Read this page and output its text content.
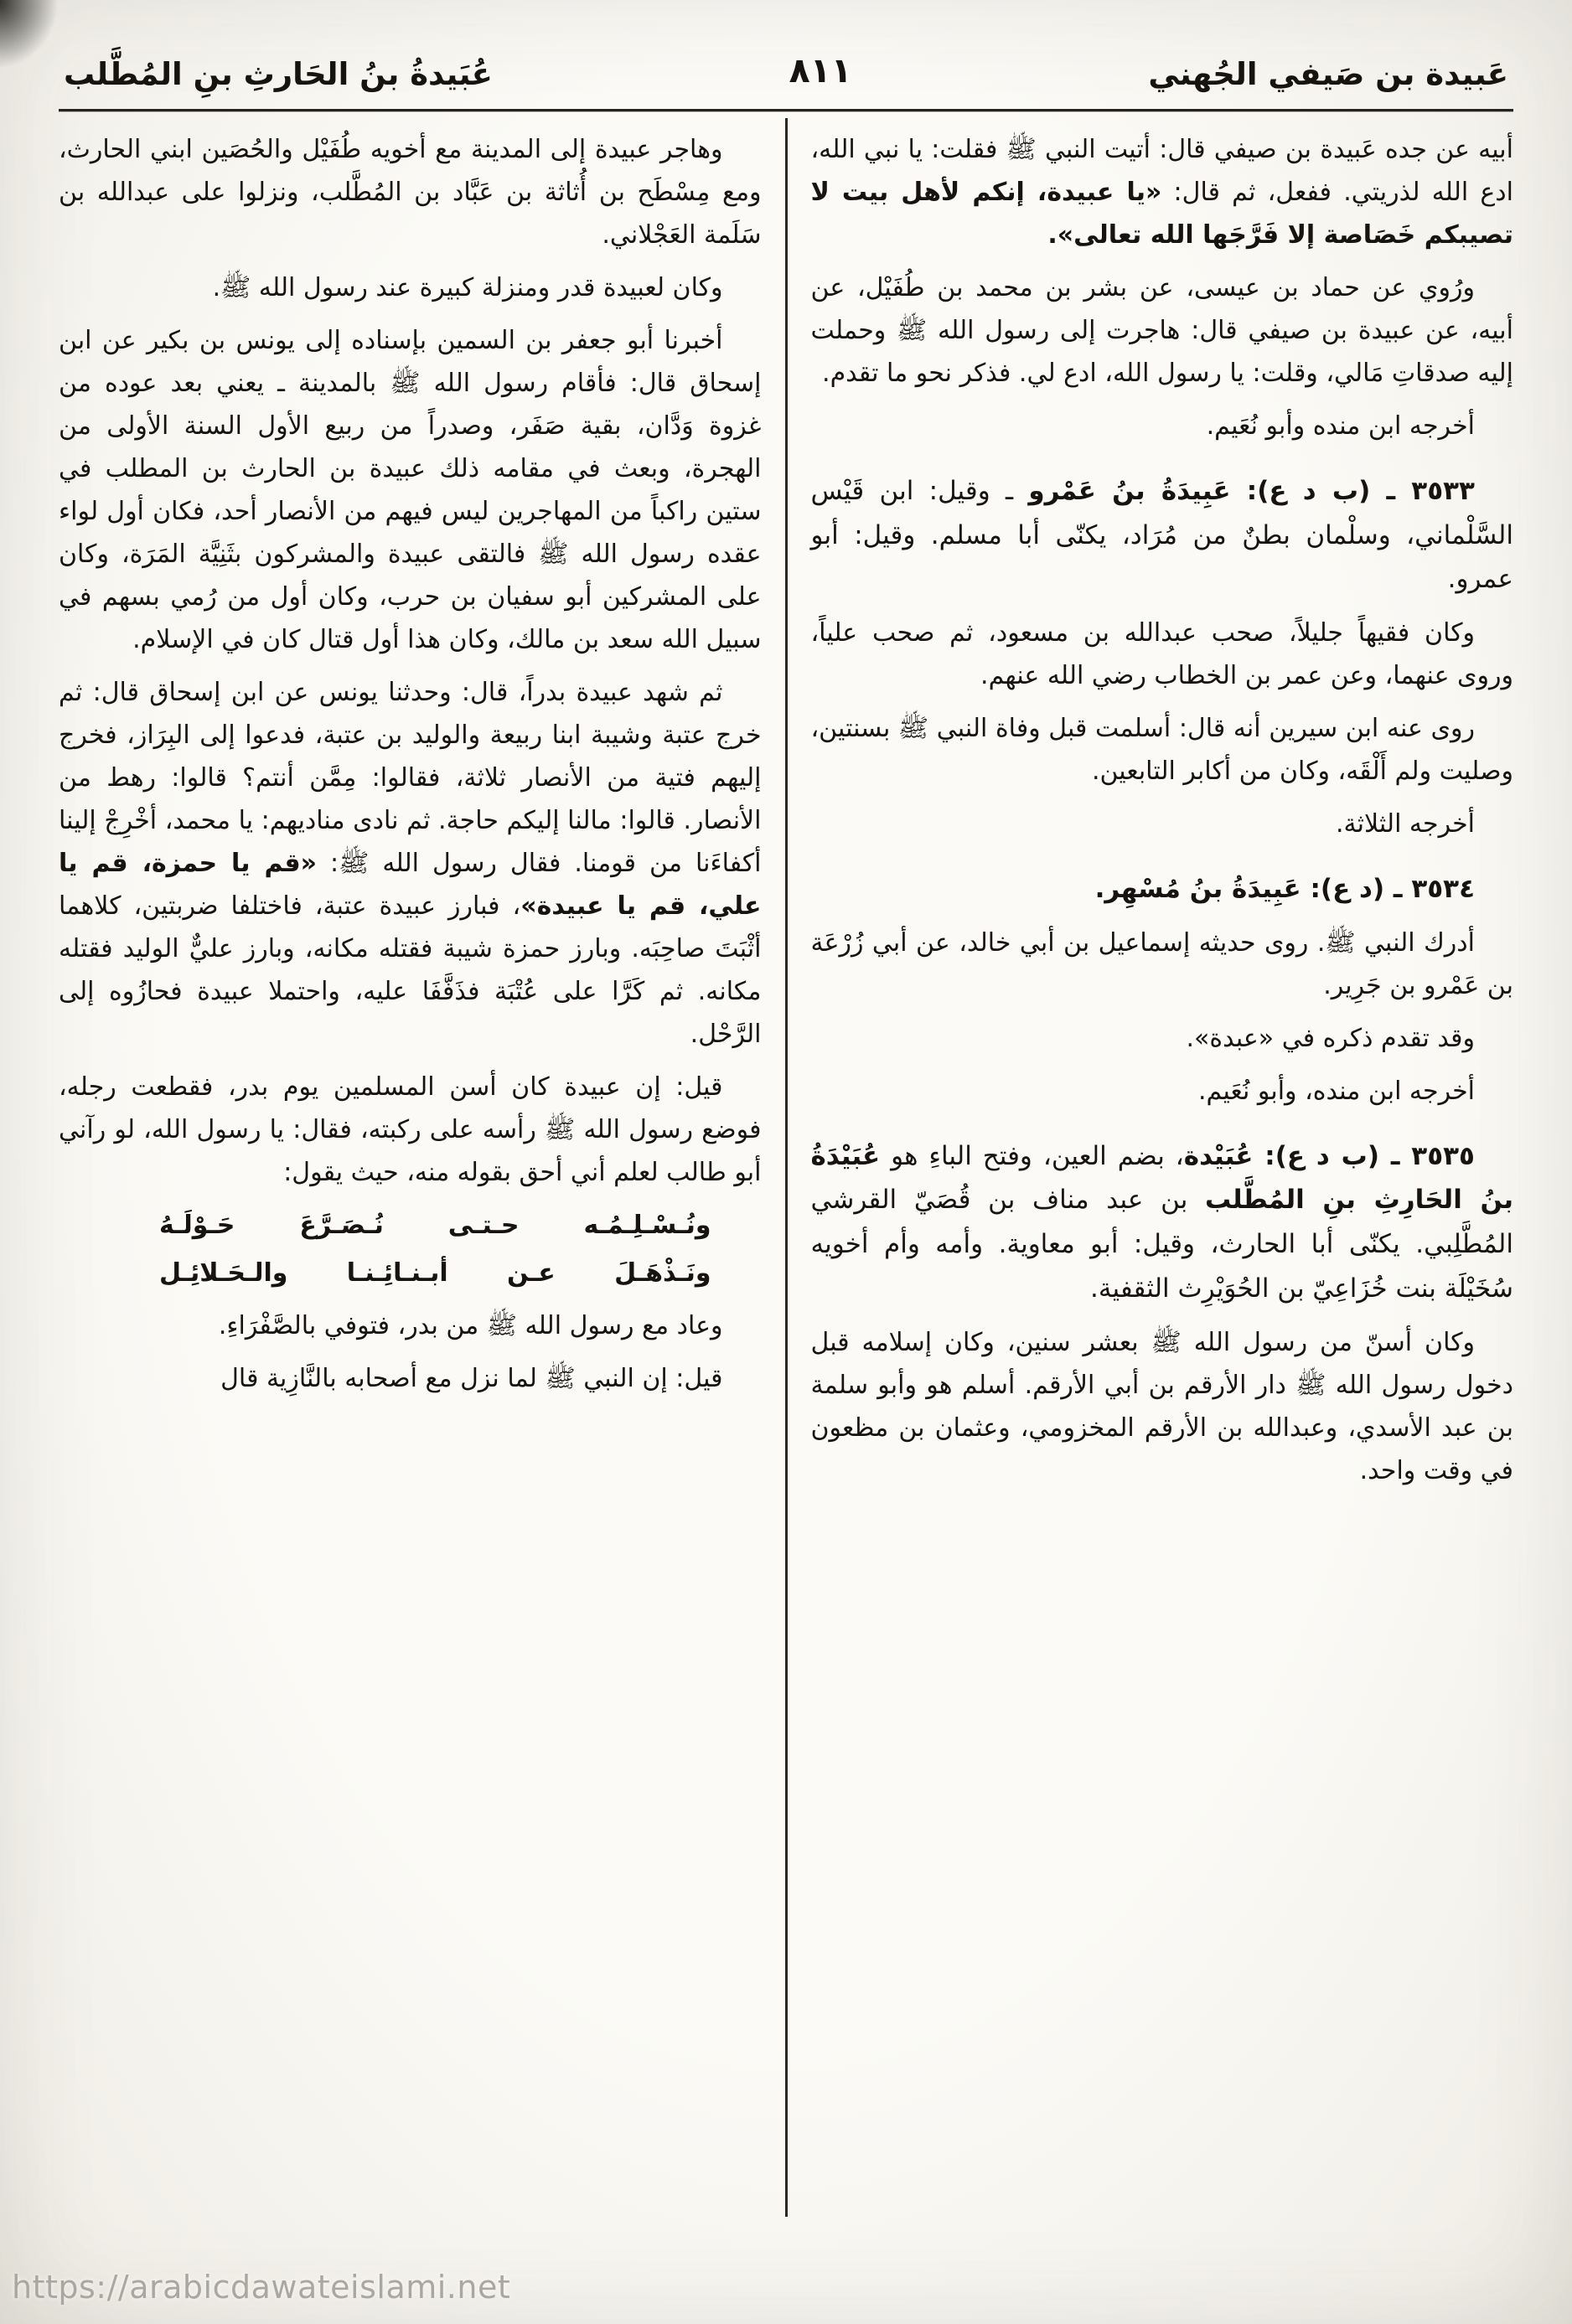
عَبيدة بن صَيفي الجُهني
٨١١
عُبَيدةُ بنُ الحَارثِ بنِ المُطَّلب

أبيه عن جده عَبيدة بن صيفي قال: أتيت النبي ﷺ فقلت: يا نبي الله، ادع الله لذريتي. ففعل، ثم قال: «يا عبيدة، إنكم لأهل بيت لا تصيبكم خَصَاصة إلا فَرَّجَها الله تعالى».

ورُوي عن حماد بن عيسى، عن بشر بن محمد بن طُفَيْل، عن أبيه، عن عبيدة بن صيفي قال: هاجرت إلى رسول الله ﷺ وحملت إليه صدقاتِ مَالي، وقلت: يا رسول الله، ادع لي. فذكر نحو ما تقدم.

أخرجه ابن منده وأبو نُعَيم.

٣٥٣٣ ـ (ب د ع): عَبِيدَةُ بنُ عَمْرو ـ وقيل: ابن قَيْس السَّلْماني، وسلْمان بطنٌ من مُرَاد، يكنّى أبا مسلم. وقيل: أبو عمرو.

وكان فقيهاً جليلاً، صحب عبدالله بن مسعود، ثم صحب علياً، وروى عنهما، وعن عمر بن الخطاب رضي الله عنهم.

روى عنه ابن سيرين أنه قال: أسلمت قبل وفاة النبي ﷺ بسنتين، وصليت ولم أَلْقَه، وكان من أكابر التابعين.

أخرجه الثلاثة.

٣٥٣٤ ـ (د ع): عَبِيدَةُ بنُ مُسْهِر.

أدرك النبي ﷺ. روى حديثه إسماعيل بن أبي خالد، عن أبي زُرْعَة بن عَمْرو بن جَرِير.

وقد تقدم ذكره في «عبدة».

أخرجه ابن منده، وأبو نُعَيم.

٣٥٣٥ ـ (ب د ع): عُبَيْدة، بضم العين، وفتح الباءِ هو عُبَيْدَةُ بنُ الحَارِثِ بنِ المُطَّلب بن عبد مناف بن قُصَيّ القرشي المُطَّلِبي. يكنّى أبا الحارث، وقيل: أبو معاوية. وأمه وأم أخويه سُخَيْلَة بنت خُزَاعِيّ بن الحُوَيْرِث الثقفية.

وكان أسنّ من رسول الله ﷺ بعشر سنين، وكان إسلامه قبل دخول رسول الله ﷺ دار الأرقم بن أبي الأرقم. أسلم هو وأبو سلمة بن عبد الأسدي، وعبدالله بن الأرقم المخزومي، وعثمان بن مظعون في وقت واحد.

وهاجر عبيدة إلى المدينة مع أخويه طُفَيْل والحُصَين ابني الحارث، ومع مِسْطَح بن أُثاثة بن عَبَّاد بن المُطَّلب، ونزلوا على عبدالله بن سَلَمة العَجْلاني.

وكان لعبيدة قدر ومنزلة كبيرة عند رسول الله ﷺ.

أخبرنا أبو جعفر بن السمين بإسناده إلى يونس بن بكير عن ابن إسحاق قال: فأقام رسول الله ﷺ بالمدينة ـ يعني بعد عوده من غزوة وَدَّان، بقية صَفَر، وصدراً من ربيع الأول السنة الأولى من الهجرة، وبعث في مقامه ذلك عبيدة بن الحارث بن المطلب في ستين راكباً من المهاجرين ليس فيهم من الأنصار أحد، فكان أول لواء عقده رسول الله ﷺ فالتقى عبيدة والمشركون بثَنِيَّة المَرَة، وكان على المشركين أبو سفيان بن حرب، وكان أول من رُمي بسهم في سبيل الله سعد بن مالك، وكان هذا أول قتال كان في الإسلام.

ثم شهد عبيدة بدراً، قال: وحدثنا يونس عن ابن إسحاق قال: ثم خرج عتبة وشيبة ابنا ربيعة والوليد بن عتبة، فدعوا إلى البِرَاز، فخرج إليهم فتية من الأنصار ثلاثة، فقالوا: مِمَّن أنتم؟ قالوا: رهط من الأنصار. قالوا: مالنا إليكم حاجة. ثم نادى مناديهم: يا محمد، أخْرِجْ إلينا أكفاءَنا من قومنا. فقال رسول الله ﷺ: «قم يا حمزة، قم يا علي، قم يا عبيدة»، فبارز عبيدة عتبة، فاختلفا ضربتين، كلاهما أثْبَتَ صاحِبَه. وبارز حمزة شيبة فقتله مكانه، وبارز عليٌّ الوليد فقتله مكانه. ثم كَرَّا على عُتْبَة فذَفَّفَا عليه، واحتملا عبيدة فحازُوه إلى الرَّحْل.

قيل: إن عبيدة كان أسن المسلمين يوم بدر، فقطعت رجله، فوضع رسول الله ﷺ رأسه على ركبته، فقال: يا رسول الله، لو رآني أبو طالب لعلم أني أحق بقوله منه، حيث يقول:

ونُـسْـلِـمُـه حـتـى نُـصَـرَّعَ حَـوْلَـهُ

ونَـذْهَـلَ عـن أبـنـائِـنـا والـحَـلائِـل

وعاد مع رسول الله ﷺ من بدر، فتوفي بالصَّفْرَاءِ.

قيل: إن النبي ﷺ لما نزل مع أصحابه بالنَّازِية قال

https://arabicdawateislami.net
